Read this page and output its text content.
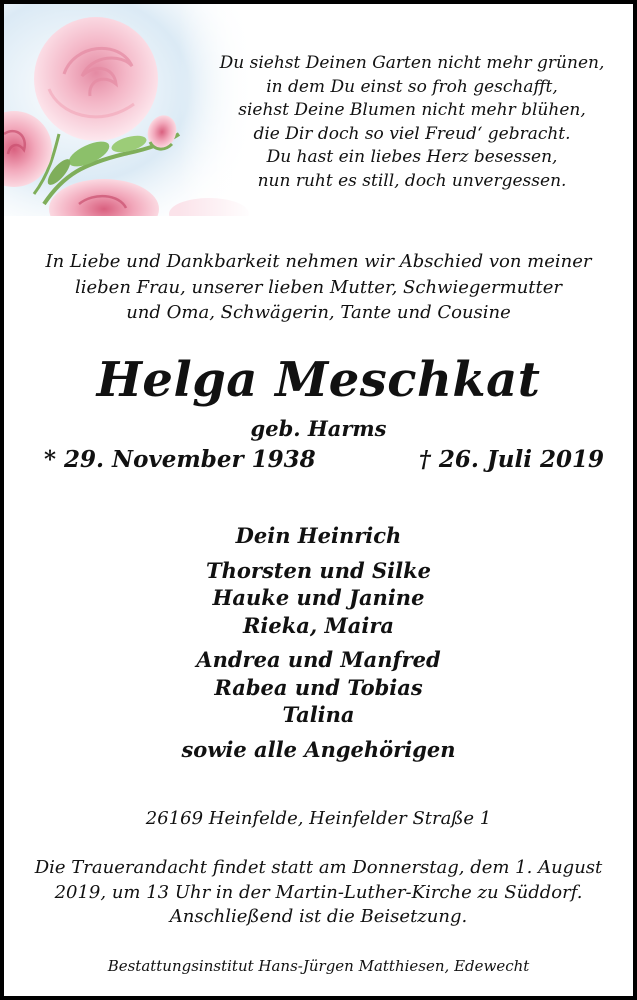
Du siehst Deinen Garten nicht mehr grünen,
in dem Du einst so froh geschafft,
siehst Deine Blumen nicht mehr blühen,
die Dir doch so viel Freud‘ gebracht.
Du hast ein liebes Herz besessen,
nun ruht es still, doch unvergessen.
In Liebe und Dankbarkeit nehmen wir Abschied von meiner
lieben Frau, unserer lieben Mutter, Schwiegermutter
und Oma, Schwägerin, Tante und Cousine
Helga Meschkat
geb. Harms
* 29. November 1938	† 26. Juli 2019
Dein Heinrich
Thorsten und Silke
Hauke und Janine
Rieka, Maira
Andrea und Manfred
Rabea und Tobias
Talina
sowie alle Angehörigen
26169 Heinfelde, Heinfelder Straße 1
Die Trauerandacht findet statt am Donnerstag, dem 1. August
2019, um 13 Uhr in der Martin-Luther-Kirche zu Süddorf.
Anschließend ist die Beisetzung.
Bestattungsinstitut Hans-Jürgen Matthiesen, Edewecht
